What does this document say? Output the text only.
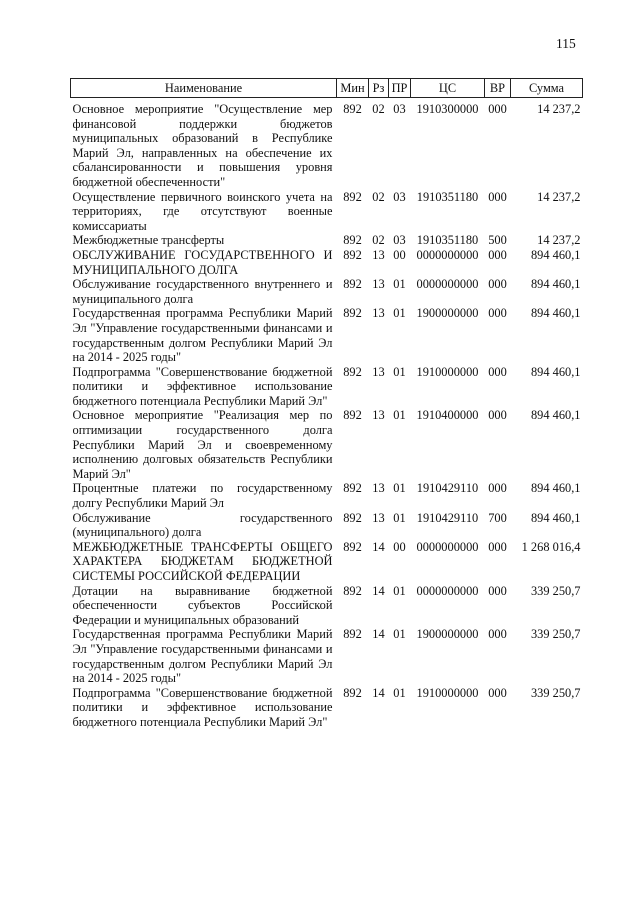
115
Наименование	Мин	Рз	ПР	ЦС	ВР	Сумма
Основное мероприятие "Осуществление мер финансовой поддержки бюджетов муниципальных образований в Республике Марий Эл, направленных на обеспечение их сбалансированности и повышения уровня бюджетной обеспеченности"	892	02	03	1910300000	000	14 237,2
Осуществление первичного воинского учета на территориях, где отсутствуют военные комиссариаты	892	02	03	1910351180	000	14 237,2
Межбюджетные трансферты	892	02	03	1910351180	500	14 237,2
ОБСЛУЖИВАНИЕ ГОСУДАРСТВЕННОГО И МУНИЦИПАЛЬНОГО ДОЛГА	892	13	00	0000000000	000	894 460,1
Обслуживание государственного внутреннего и муниципального долга	892	13	01	0000000000	000	894 460,1
Государственная программа Республики Марий Эл "Управление государственными финансами и государственным долгом Республики Марий Эл на 2014 - 2025 годы"	892	13	01	1900000000	000	894 460,1
Подпрограмма "Совершенствование бюджетной политики и эффективное использование бюджетного потенциала Республики Марий Эл"	892	13	01	1910000000	000	894 460,1
Основное мероприятие "Реализация мер по оптимизации государственного долга Республики Марий Эл и своевременному исполнению долговых обязательств Республики Марий Эл"	892	13	01	1910400000	000	894 460,1
Процентные платежи по государственному долгу Республики Марий Эл	892	13	01	1910429110	000	894 460,1
Обслуживание государственного (муниципального) долга	892	13	01	1910429110	700	894 460,1
МЕЖБЮДЖЕТНЫЕ ТРАНСФЕРТЫ ОБЩЕГО ХАРАКТЕРА БЮДЖЕТАМ БЮДЖЕТНОЙ СИСТЕМЫ РОССИЙСКОЙ ФЕДЕРАЦИИ	892	14	00	0000000000	000	1 268 016,4
Дотации на выравнивание бюджетной обеспеченности субъектов Российской Федерации и муниципальных образований	892	14	01	0000000000	000	339 250,7
Государственная программа Республики Марий Эл "Управление государственными финансами и государственным долгом Республики Марий Эл на 2014 - 2025 годы"	892	14	01	1900000000	000	339 250,7
Подпрограмма "Совершенствование бюджетной политики и эффективное использование бюджетного потенциала Республики Марий Эл"	892	14	01	1910000000	000	339 250,7
